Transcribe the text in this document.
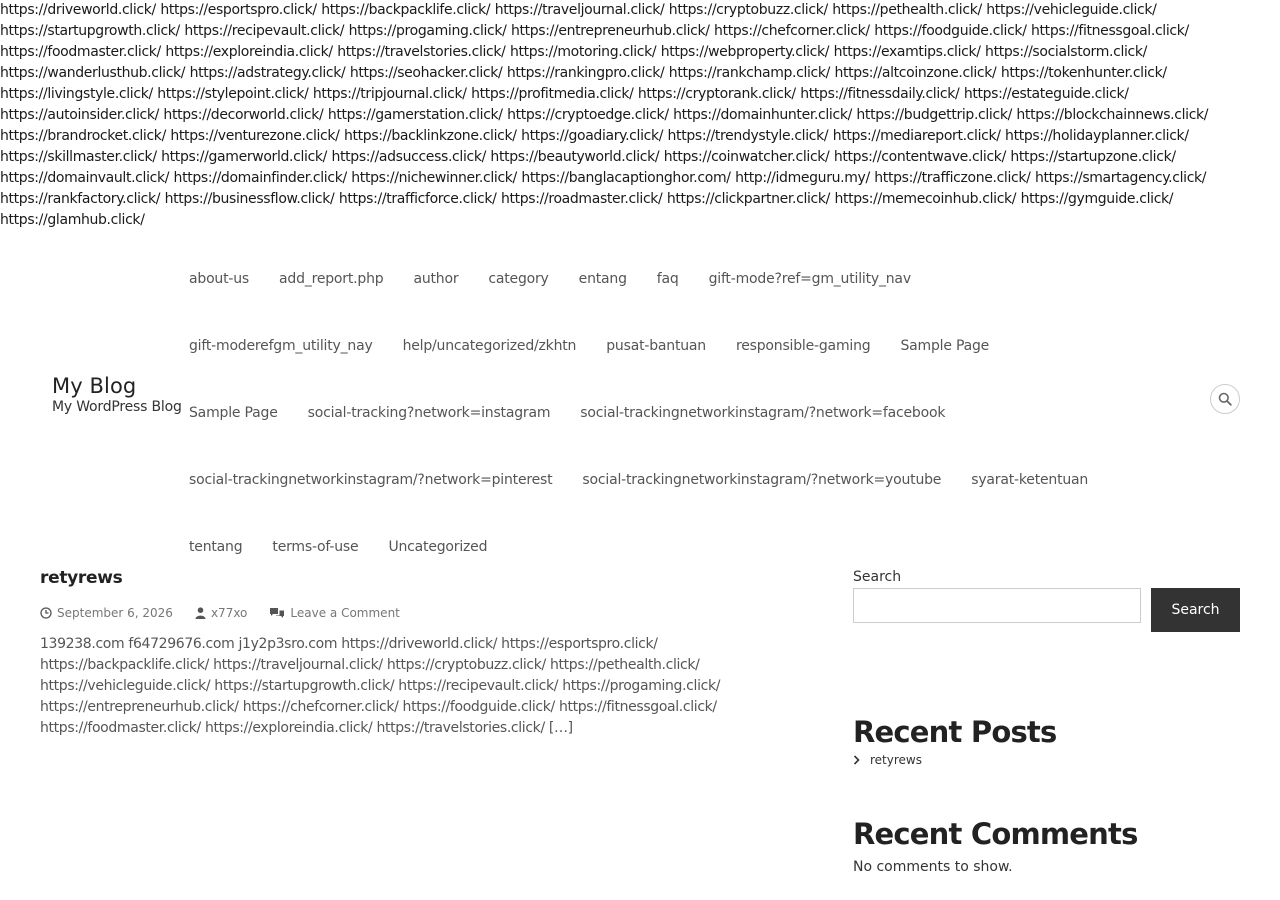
https://driveworld.click/ https://esportspro.click/ https://backpacklife.click/ https://traveljournal.click/ https://cryptobuzz.click/ https://pethealth.click/ https://vehicleguide.click/
https://startupgrowth.click/ https://recipevault.click/ https://progaming.click/ https://entrepreneurhub.click/ https://chefcorner.click/ https://foodguide.click/ https://fitnessgoal.click/
https://foodmaster.click/ https://exploreindia.click/ https://travelstories.click/ https://motoring.click/ https://webproperty.click/ https://examtips.click/ https://socialstorm.click/
https://wanderlusthub.click/ https://adstrategy.click/ https://seohacker.click/ https://rankingpro.click/ https://rankchamp.click/ https://altcoinzone.click/ https://tokenhunter.click/
https://livingstyle.click/ https://stylepoint.click/ https://tripjournal.click/ https://profitmedia.click/ https://cryptorank.click/ https://fitnessdaily.click/ https://estateguide.click/
https://autoinsider.click/ https://decorworld.click/ https://gamerstation.click/ https://cryptoedge.click/ https://domainhunter.click/ https://budgettrip.click/ https://blockchainnews.click/
https://brandrocket.click/ https://venturezone.click/ https://backlinkzone.click/ https://goadiary.click/ https://trendystyle.click/ https://mediareport.click/ https://holidayplanner.click/
https://skillmaster.click/ https://gamerworld.click/ https://adsuccess.click/ https://beautyworld.click/ https://coinwatcher.click/ https://contentwave.click/ https://startupzone.click/
https://domainvault.click/ https://domainfinder.click/ https://nichewinner.click/ https://banglacaptionghor.com/ http://idmeguru.my/ https://trafficzone.click/ https://smartagency.click/
https://rankfactory.click/ https://businessflow.click/ https://trafficforce.click/ https://roadmaster.click/ https://clickpartner.click/ https://memecoinhub.click/ https://gymguide.click/
https://glamhub.click/
My Blog
My WordPress Blog
about-us add_report.php author category entang faq gift-mode?ref=gm_utility_nav
gift-moderefgm_utility_nay help/uncategorized/zkhtn pusat-bantuan responsible-gaming Sample Page
Sample Page social-tracking?network=instagram social-trackingnetworkinstagram/?network=facebook
social-trackingnetworkinstagram/?network=pinterest social-trackingnetworkinstagram/?network=youtube syarat-ketentuan
tentang terms-of-use Uncategorized
retyrews
September 6, 2026	x77xo	Leave a Comment

139238.com f64729676.com j1y2p3sro.com https://driveworld.click/ https://esportspro.click/ https://backpacklife.click/ https://traveljournal.click/ https://cryptobuzz.click/ https://pethealth.click/ https://vehicleguide.click/ https://startupgrowth.click/ https://recipevault.click/ https://progaming.click/ https://entrepreneurhub.click/ https://chefcorner.click/ https://foodguide.click/ https://fitnessgoal.click/ https://foodmaster.click/ https://exploreindia.click/ https://travelstories.click/ […]

Search
Search
Recent Posts
retyrews
Recent Comments

No comments to show.
